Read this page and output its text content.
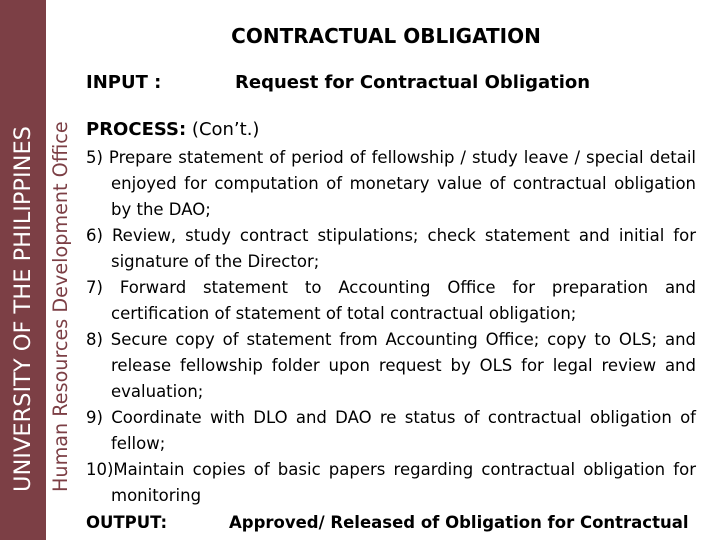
UNIVERSITY OF THE PHILIPPINES Human Resources Development Office
CONTRACTUAL OBLIGATION
INPUT :	Request for Contractual Obligation
PROCESS: (Con’t.)
5) Prepare statement of period of fellowship / study leave / special detail enjoyed for computation of monetary value of contractual obligation by the DAO;
6) Review, study contract stipulations; check statement and initial for signature of the Director;
7) Forward statement to Accounting Office for preparation and certification of statement of total contractual obligation;
8) Secure copy of statement from Accounting Office; copy to OLS; and release fellowship folder upon request by OLS for legal review and evaluation;
9) Coordinate with DLO and DAO re status of contractual obligation of fellow;
10)Maintain copies of basic papers regarding contractual obligation for monitoring
OUTPUT:	Approved/ Released of Obligation for Contractual
